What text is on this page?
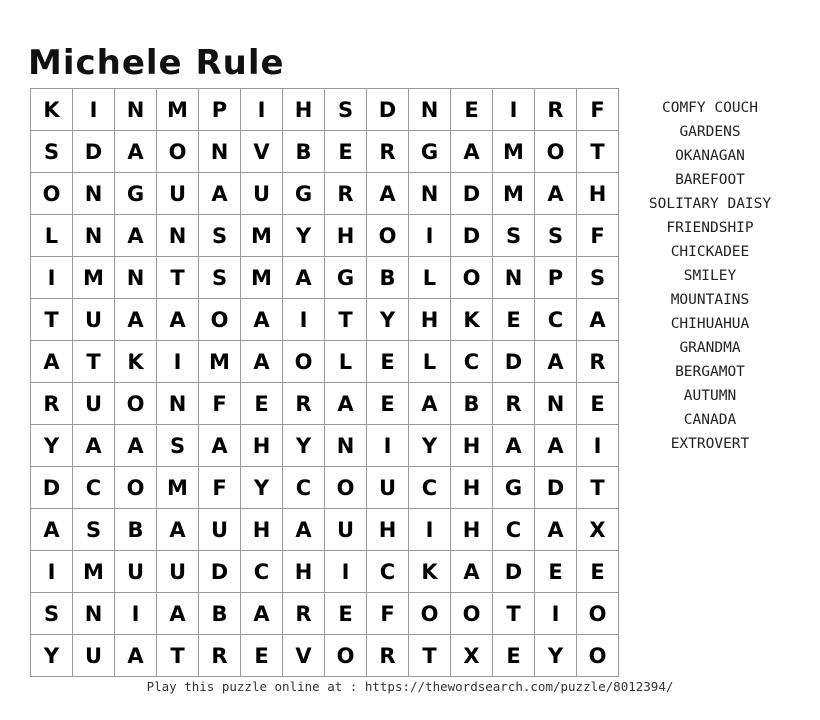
Michele Rule
K	I	N	M	P	I	H	S	D	N	E	I	R	F
S	D	A	O	N	V	B	E	R	G	A	M	O	T
O	N	G	U	A	U	G	R	A	N	D	M	A	H
L	N	A	N	S	M	Y	H	O	I	D	S	S	F
I	M	N	T	S	M	A	G	B	L	O	N	P	S
T	U	A	A	O	A	I	T	Y	H	K	E	C	A
A	T	K	I	M	A	O	L	E	L	C	D	A	R
R	U	O	N	F	E	R	A	E	A	B	R	N	E
Y	A	A	S	A	H	Y	N	I	Y	H	A	A	I
D	C	O	M	F	Y	C	O	U	C	H	G	D	T
A	S	B	A	U	H	A	U	H	I	H	C	A	X
I	M	U	U	D	C	H	I	C	K	A	D	E	E
S	N	I	A	B	A	R	E	F	O	O	T	I	O
Y	U	A	T	R	E	V	O	R	T	X	E	Y	O
COMFY COUCH
GARDENS
OKANAGAN
BAREFOOT
SOLITARY DAISY
FRIENDSHIP
CHICKADEE
SMILEY
MOUNTAINS
CHIHUAHUA
GRANDMA
BERGAMOT
AUTUMN
CANADA
EXTROVERT
Play this puzzle online at : https://thewordsearch.com/puzzle/8012394/
